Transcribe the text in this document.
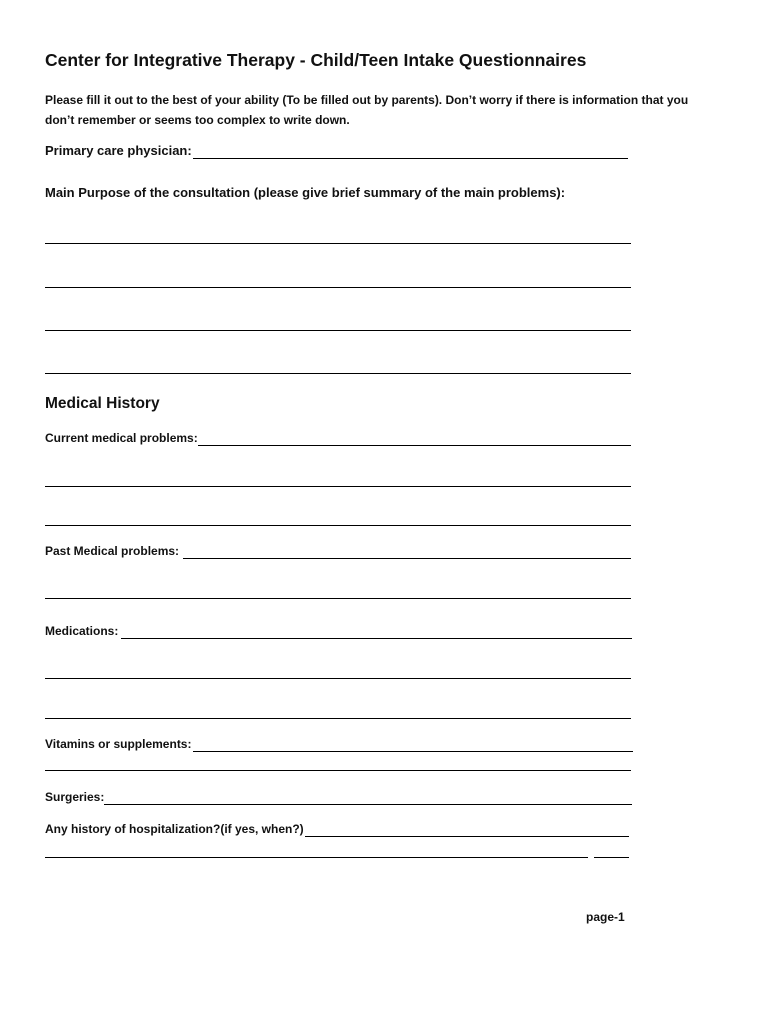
Center for Integrative Therapy - Child/Teen Intake Questionnaires
Please fill it out to the best of your ability (To be filled out by parents). Don’t worry if there is information that you don’t remember or seems too complex to write down.
Primary care physician:
Main Purpose of the consultation (please give brief summary of the main problems):
Medical History
Current medical problems:
Past Medical problems:
Medications:
Vitamins or supplements:
Surgeries:
Any history of hospitalization?(if yes, when?)
page-1
